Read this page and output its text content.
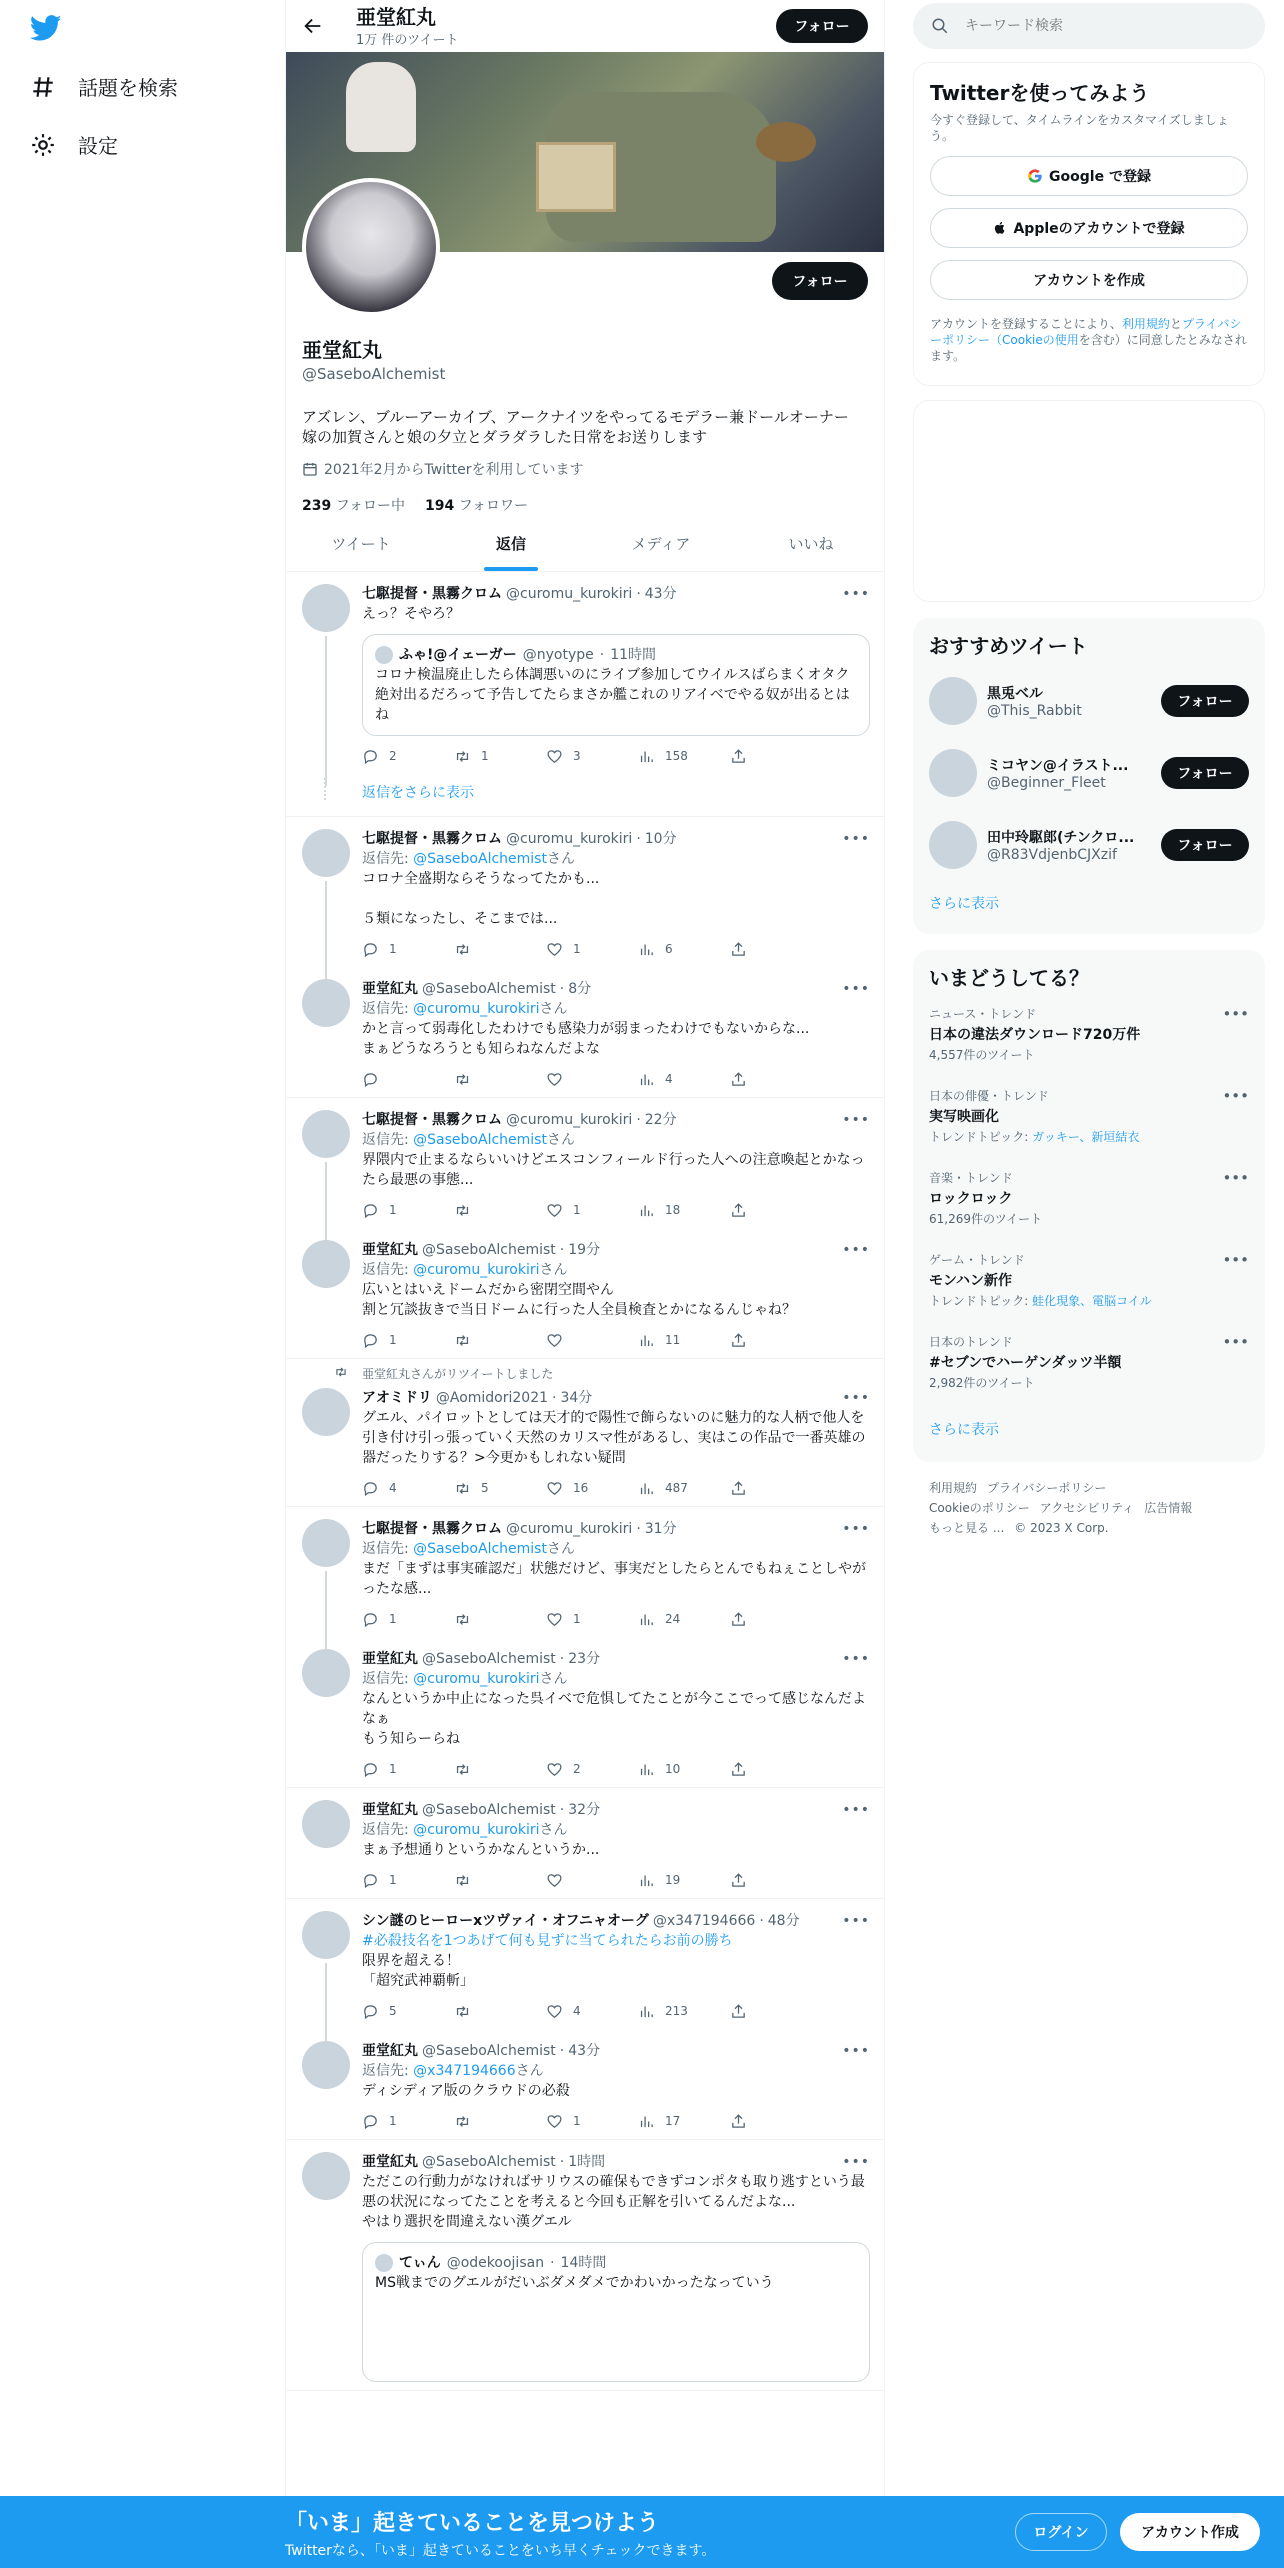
話題を検索
設定
亜堂紅丸
1万 件のツイート
フォロー
フォロー
亜堂紅丸
@SaseboAlchemist
アズレン、ブルーアーカイブ、アークナイツをやってるモデラー兼ドールオーナー
嫁の加賀さんと娘の夕立とダラダラした日常をお送りします
2021年2月からTwitterを利用しています
239 フォロー中 194 フォロワー
ツイート	返信	メディア	いいね
•••
七駆提督・黒霧クロム @curomu_kurokiri · 43分
えっ？そやろ？
ふゃ!@イェーガー @nyotype · 11時間
コロナ検温廃止したら体調悪いのにライブ参加してウイルスばらまくオタク絶対出るだろって予告してたらまさか艦これのリアイベでやる奴が出るとはね
2	1	3	158
返信をさらに表示
•••
七駆提督・黒霧クロム @curomu_kurokiri · 10分
返信先: @SaseboAlchemistさん
コロナ全盛期ならそうなってたかも...

５類になったし、そこまでは...
1	1	6
•••
亜堂紅丸 @SaseboAlchemist · 8分
返信先: @curomu_kurokiriさん
かと言って弱毒化したわけでも感染力が弱まったわけでもないからな...
まぁどうなろうとも知らねなんだよな
4
•••
七駆提督・黒霧クロム @curomu_kurokiri · 22分
返信先: @SaseboAlchemistさん
界隈内で止まるならいいけどエスコンフィールド行った人への注意喚起とかなったら最悪の事態...
1	1	18
•••
亜堂紅丸 @SaseboAlchemist · 19分
返信先: @curomu_kurokiriさん
広いとはいえドームだから密閉空間やん
割と冗談抜きで当日ドームに行った人全員検査とかになるんじゃね？
1	11
亜堂紅丸さんがリツイートしました
•••
アオミドリ @Aomidori2021 · 34分
グエル、パイロットとしては天才的で陽性で飾らないのに魅力的な人柄で他人を引き付け引っ張っていく天然のカリスマ性があるし、実はこの作品で一番英雄の器だったりする？>今更かもしれない疑問
4	5	16	487
•••
七駆提督・黒霧クロム @curomu_kurokiri · 31分
返信先: @SaseboAlchemistさん
まだ「まずは事実確認だ」状態だけど、事実だとしたらとんでもねぇことしやがったな感...
1	1	24
•••
亜堂紅丸 @SaseboAlchemist · 23分
返信先: @curomu_kurokiriさん
なんというか中止になった呉イベで危惧してたことが今ここでって感じなんだよなぁ
もう知らーらね
1	2	10
•••
亜堂紅丸 @SaseboAlchemist · 32分
返信先: @curomu_kurokiriさん
まぁ予想通りというかなんというか...
1	19
•••
シン謎のヒーローxツヴァイ・オフニャオーグ @x347194666 · 48分
#必殺技名を1つあげて何も見ずに当てられたらお前の勝ち
限界を超える！
「超究武神覇斬」
5	4	213
•••
亜堂紅丸 @SaseboAlchemist · 43分
返信先: @x347194666さん
ディシディア版のクラウドの必殺
1	1	17
•••
亜堂紅丸 @SaseboAlchemist · 1時間
ただこの行動力がなければサリウスの確保もできずコンポタも取り逃すという最悪の状況になってたことを考えると今回も正解を引いてるんだよな...
やはり選択を間違えない漢グエル
てぃん @odekoojisan · 14時間
MS戦までのグエルがだいぶダメダメでかわいかったなっていう
キーワード検索
Twitterを使ってみよう
今すぐ登録して、タイムラインをカスタマイズしましょう。
Google で登録
Appleのアカウントで登録
アカウントを作成
アカウントを登録することにより、利用規約とプライバシーポリシー（Cookieの使用を含む）に同意したとみなされます。
おすすめツイート
黒兎ベル
@This_Rabbit
フォロー
ミコヤン@イラスト...
@Beginner_Fleet
フォロー
田中玲駆郎(チンクロ...
@R83VdjenbCJXzif
フォロー
さらに表示
いまどうしてる？
•••
ニュース・トレンド
日本の違法ダウンロード720万件
4,557件のツイート
•••
日本の俳優・トレンド
実写映画化
トレンドトピック: ガッキー、新垣結衣
•••
音楽・トレンド
ロックロック
61,269件のツイート
•••
ゲーム・トレンド
モンハン新作
トレンドトピック: 蛙化現象、電脳コイル
•••
日本のトレンド
#セブンでハーゲンダッツ半額
2,982件のツイート
さらに表示
利用規約 プライバシーポリシー
Cookieのポリシー アクセシビリティ 広告情報
もっと見る ... © 2023 X Corp.
「いま」起きていることを見つけよう
Twitterなら、「いま」起きていることをいち早くチェックできます。
ログイン	アカウント作成
